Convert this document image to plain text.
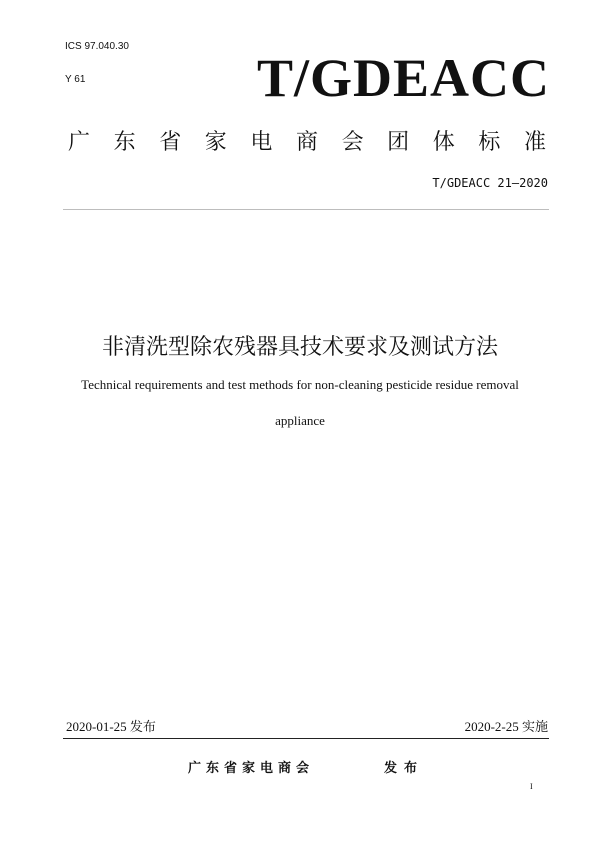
ICS 97.040.30
Y 61	T/GDEACC
广 东 省 家 电 商 会 团 体 标 准
T/GDEACC 21—2020
非清洗型除农残器具技术要求及测试方法
Technical requirements and test methods for non-cleaning pesticide residue removal
appliance
2020-01-25 发布	2020-2-25 实施
广东省家电商会	发布
I
